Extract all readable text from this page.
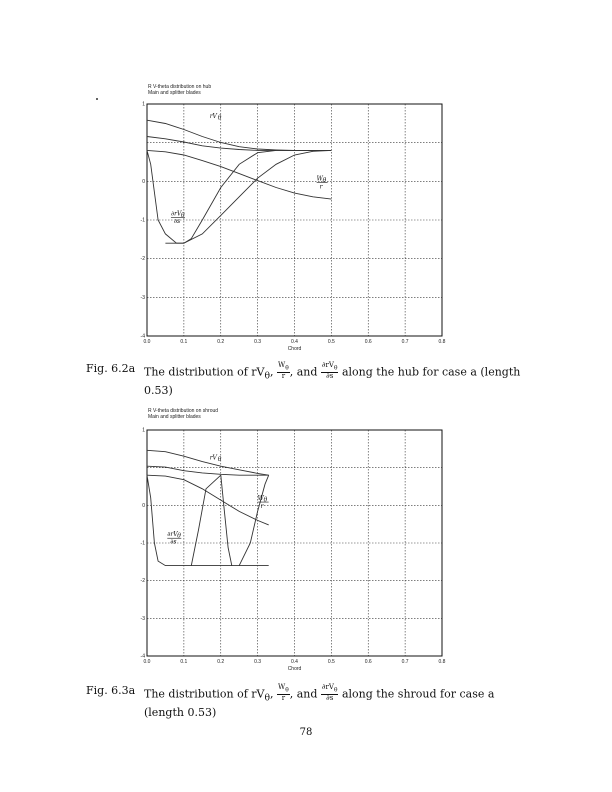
R V-theta distribution on hub
Main and splitter blades
0.0	0.1	0.2	0.3	0.4	0.5	0.6	0.7	0.8
1
0
-1
-2
-3
-4
Chord
rV θ
W θ
r
∂rV θ
∂s
Fig. 6.2a The distribution of $rV_\theta$, $\frac{W_\theta}{r}$ , and $\frac{\partial rV_\theta}{\partial s}$ along the hub for case a (length 0.53)
R V-theta distribution on shroud
Main and splitter blades
0.0	0.1	0.2	0.3	0.4	0.5	0.6	0.7	0.8
1
0
-1
-2
-3
-4
Chord
rV θ
W θ
r
∂rV θ
∂s
Fig. 6.3a The distribution of $rV_\theta$, $\frac{W_\theta}{r}$ , and $\frac{\partial rV_\theta}{\partial s}$ along the shroud for case a (length 0.53)
78
